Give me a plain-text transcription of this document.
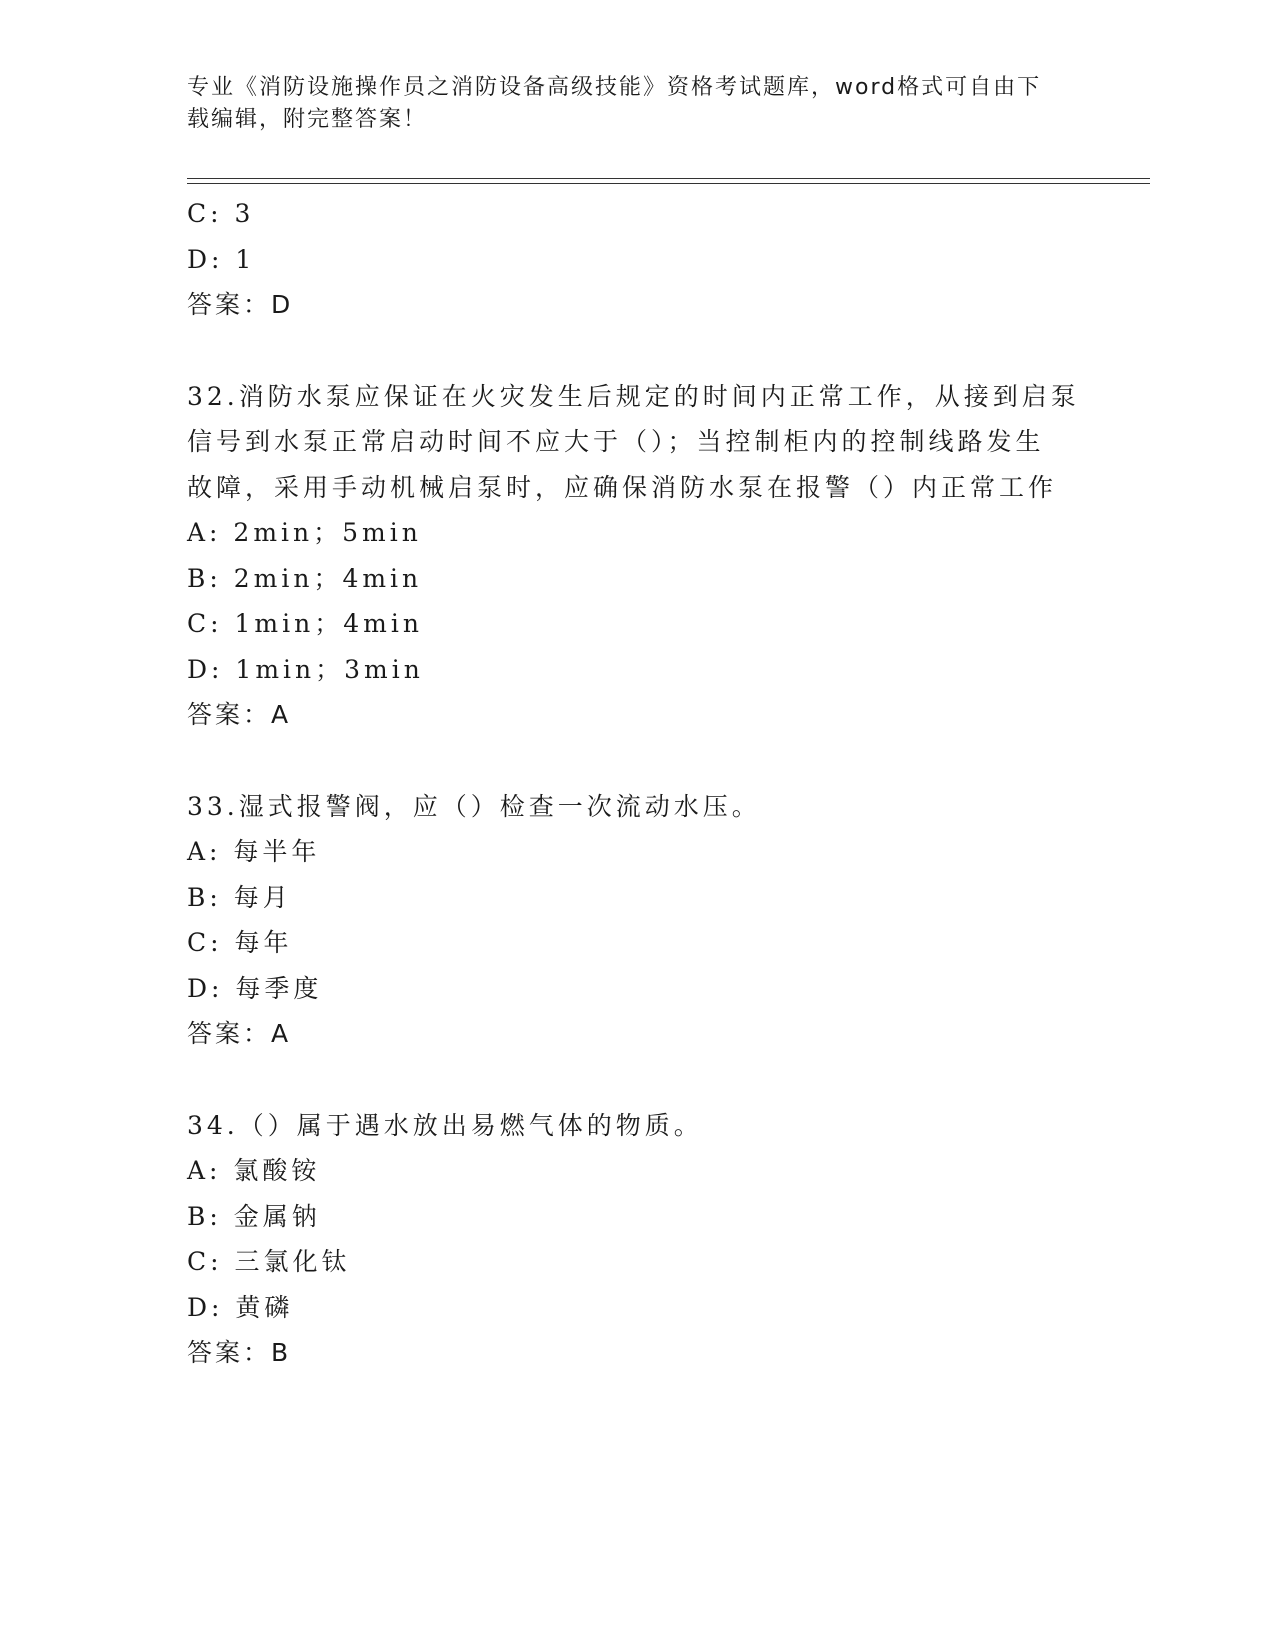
专业《消防设施操作员之消防设备高级技能》资格考试题库，word格式可自由下
载编辑，附完整答案！
C: 3
D: 1
答案：D
32.消防水泵应保证在火灾发生后规定的时间内正常工作，从接到启泵
信号到水泵正常启动时间不应大于（）；当控制柜内的控制线路发生
故障，采用手动机械启泵时，应确保消防水泵在报警（）内正常工作
A: 2min；5min
B: 2min；4min
C: 1min；4min
D: 1min；3min
答案：A
33.湿式报警阀，应（）检查一次流动水压。
A: 每半年
B: 每月
C: 每年
D: 每季度
答案：A
34.（）属于遇水放出易燃气体的物质。
A: 氯酸铵
B: 金属钠
C: 三氯化钛
D: 黄磷
答案：B
